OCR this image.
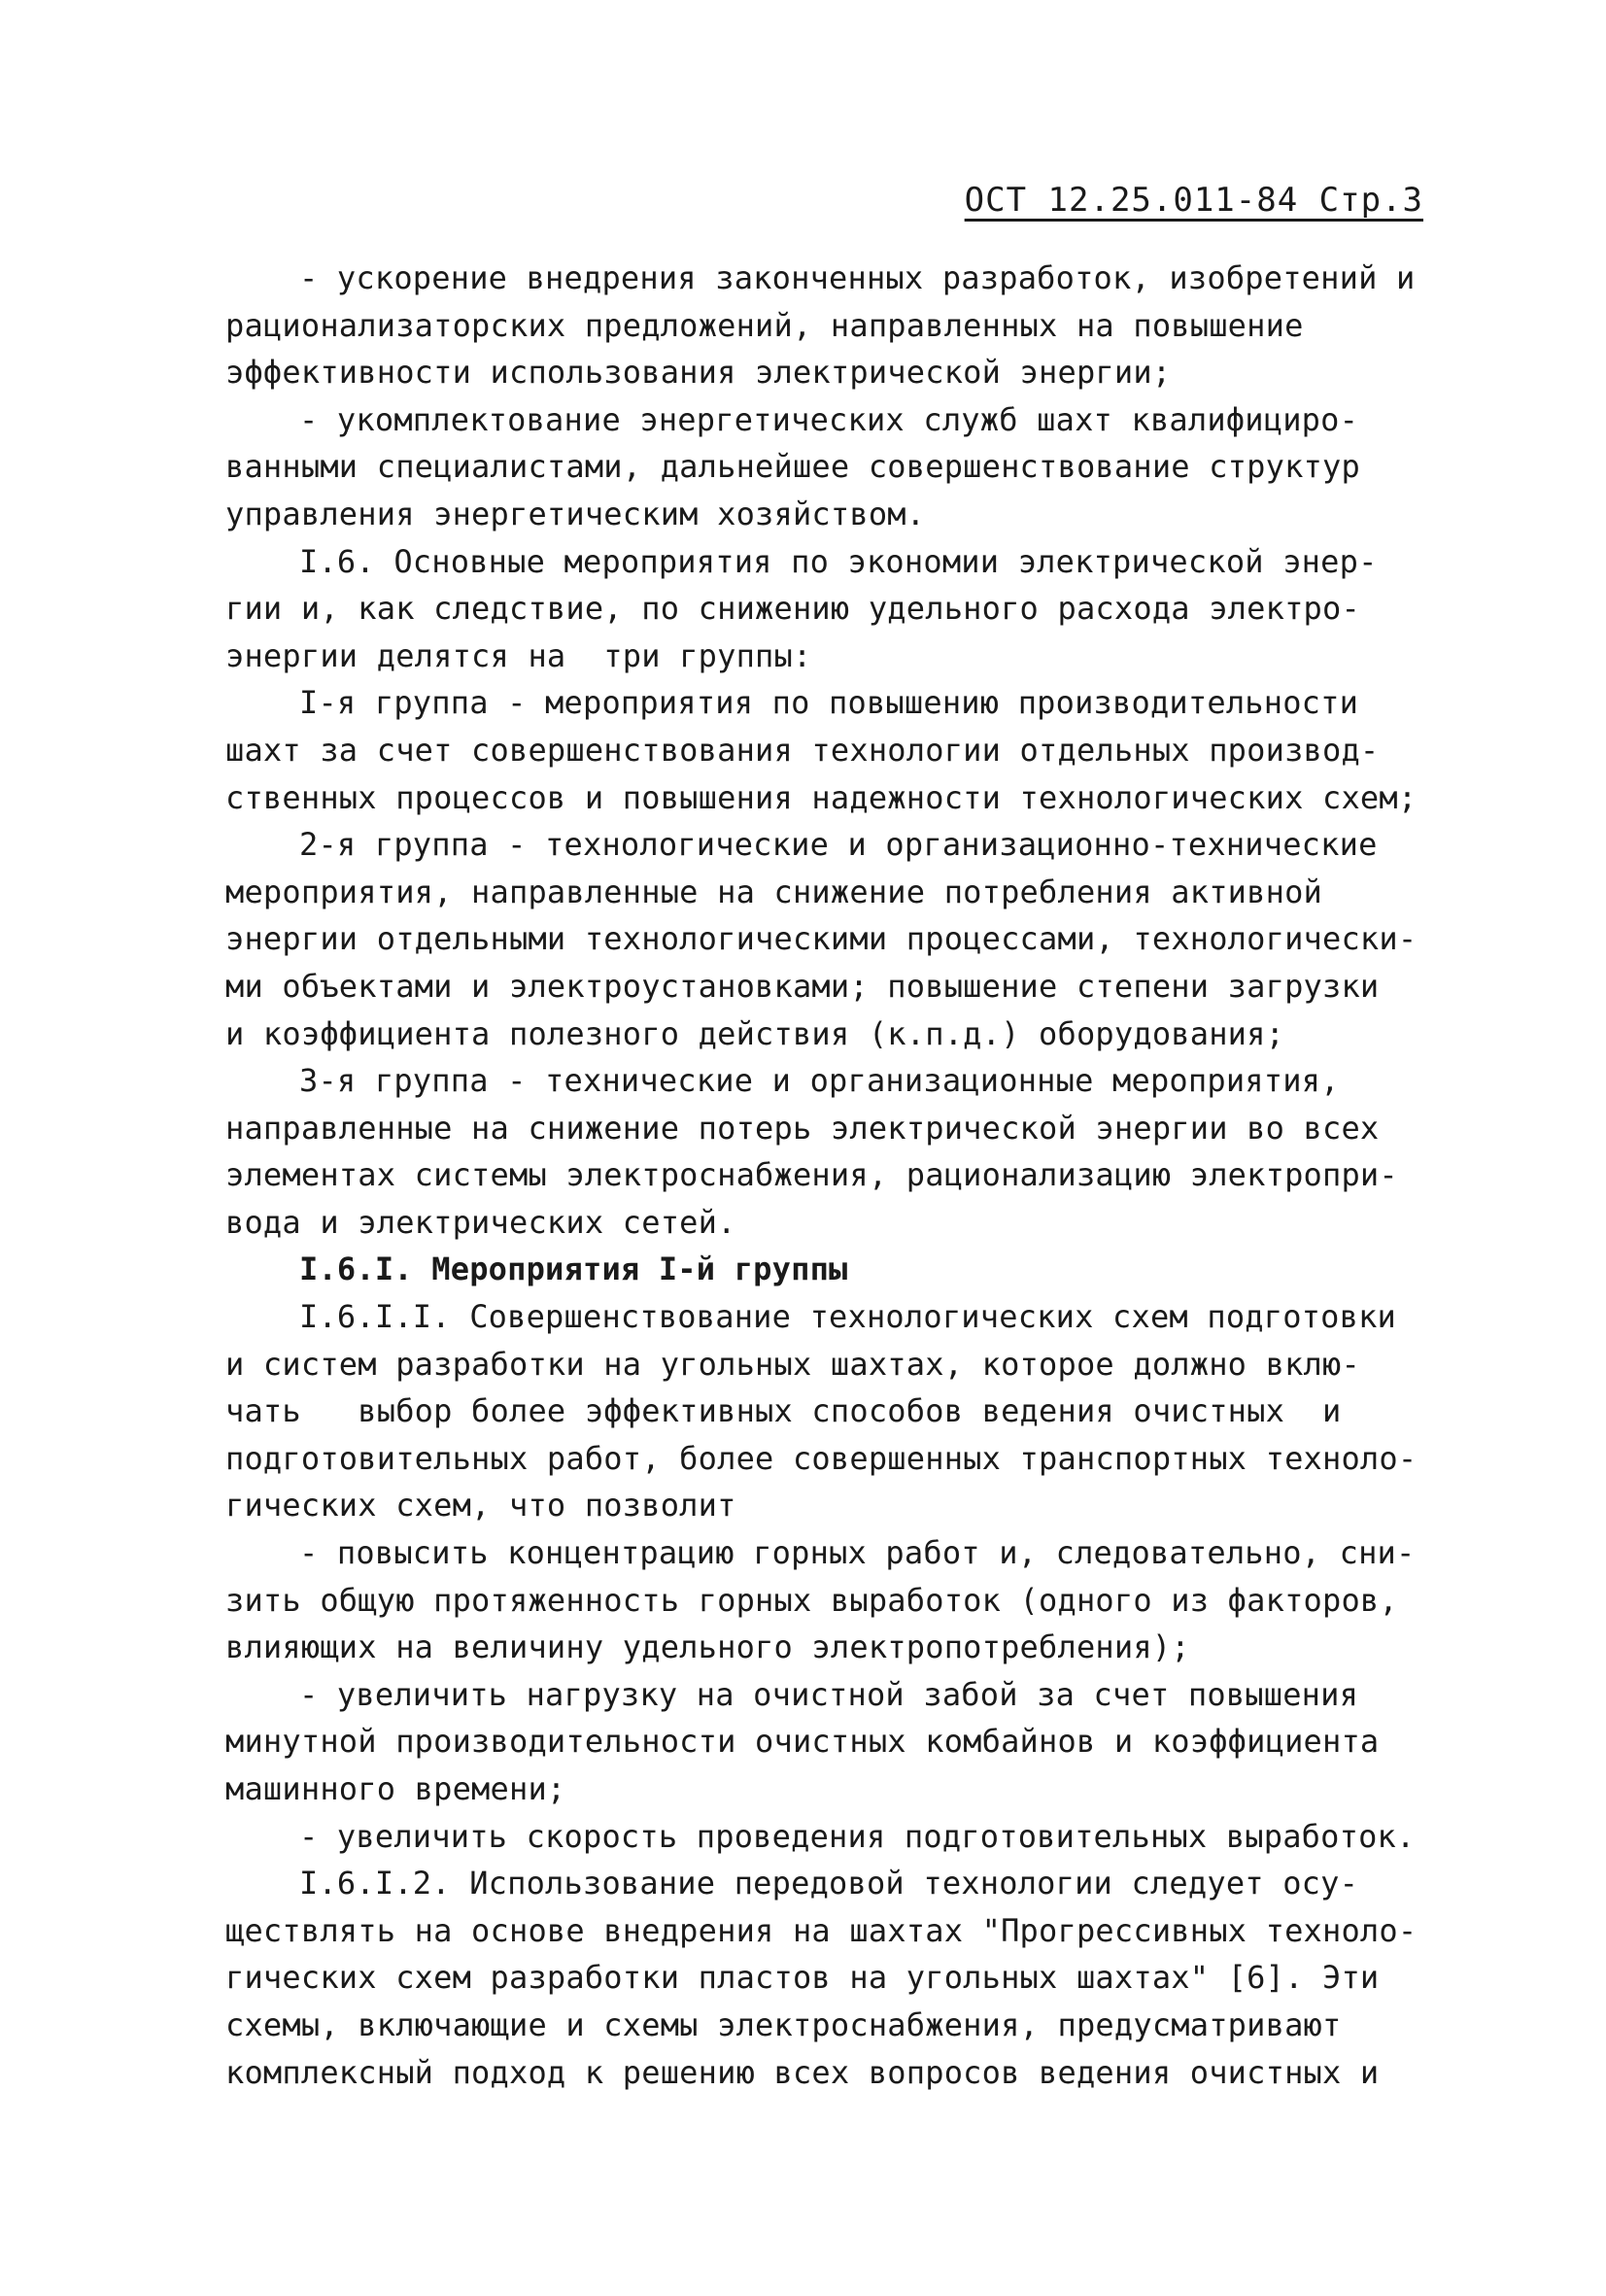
ОСТ 12.25.011-84 Стр.3

- ускорение внедрения законченных разработок, изобретений и

рационализаторских предложений, направленных на повышение

эффективности использования электрической энергии;

- укомплектование энергетических служб шахт квалифициро-

ванными специалистами, дальнейшее совершенствование структур

управления энергетическим хозяйством.

I.6. Основные мероприятия по экономии электрической энер-

гии и, как следствие, по снижению удельного расхода электро-

энергии делятся на  три группы:

I-я группа - мероприятия по повышению производительности

шахт за счет совершенствования технологии отдельных производ-

ственных процессов и повышения надежности технологических схем;

2-я группа - технологические и организационно-технические

мероприятия, направленные на снижение потребления активной

энергии отдельными технологическими процессами, технологически-

ми объектами и электроустановками; повышение степени загрузки

и коэффициента полезного действия (к.п.д.) оборудования;

3-я группа - технические и организационные мероприятия,

направленные на снижение потерь электрической энергии во всех

элементах системы электроснабжения, рационализацию электропри-

вода и электрических сетей.

I.6.I. Мероприятия I-й группы

I.6.I.I. Совершенствование технологических схем подготовки

и систем разработки на угольных шахтах, которое должно вклю-

чать   выбор более эффективных способов ведения очистных  и

подготовительных работ, более совершенных транспортных техноло-

гических схем, что позволит

- повысить концентрацию горных работ и, следовательно, сни-

зить общую протяженность горных выработок (одного из факторов,

влияющих на величину удельного электропотребления);

- увеличить нагрузку на очистной забой за счет повышения

минутной производительности очистных комбайнов и коэффициента

машинного времени;

- увеличить скорость проведения подготовительных выработок.

I.6.I.2. Использование передовой технологии следует осу-

ществлять на основе внедрения на шахтах "Прогрессивных техноло-

гических схем разработки пластов на угольных шахтах" [6]. Эти

схемы, включающие и схемы электроснабжения, предусматривают

комплексный подход к решению всех вопросов ведения очистных и
